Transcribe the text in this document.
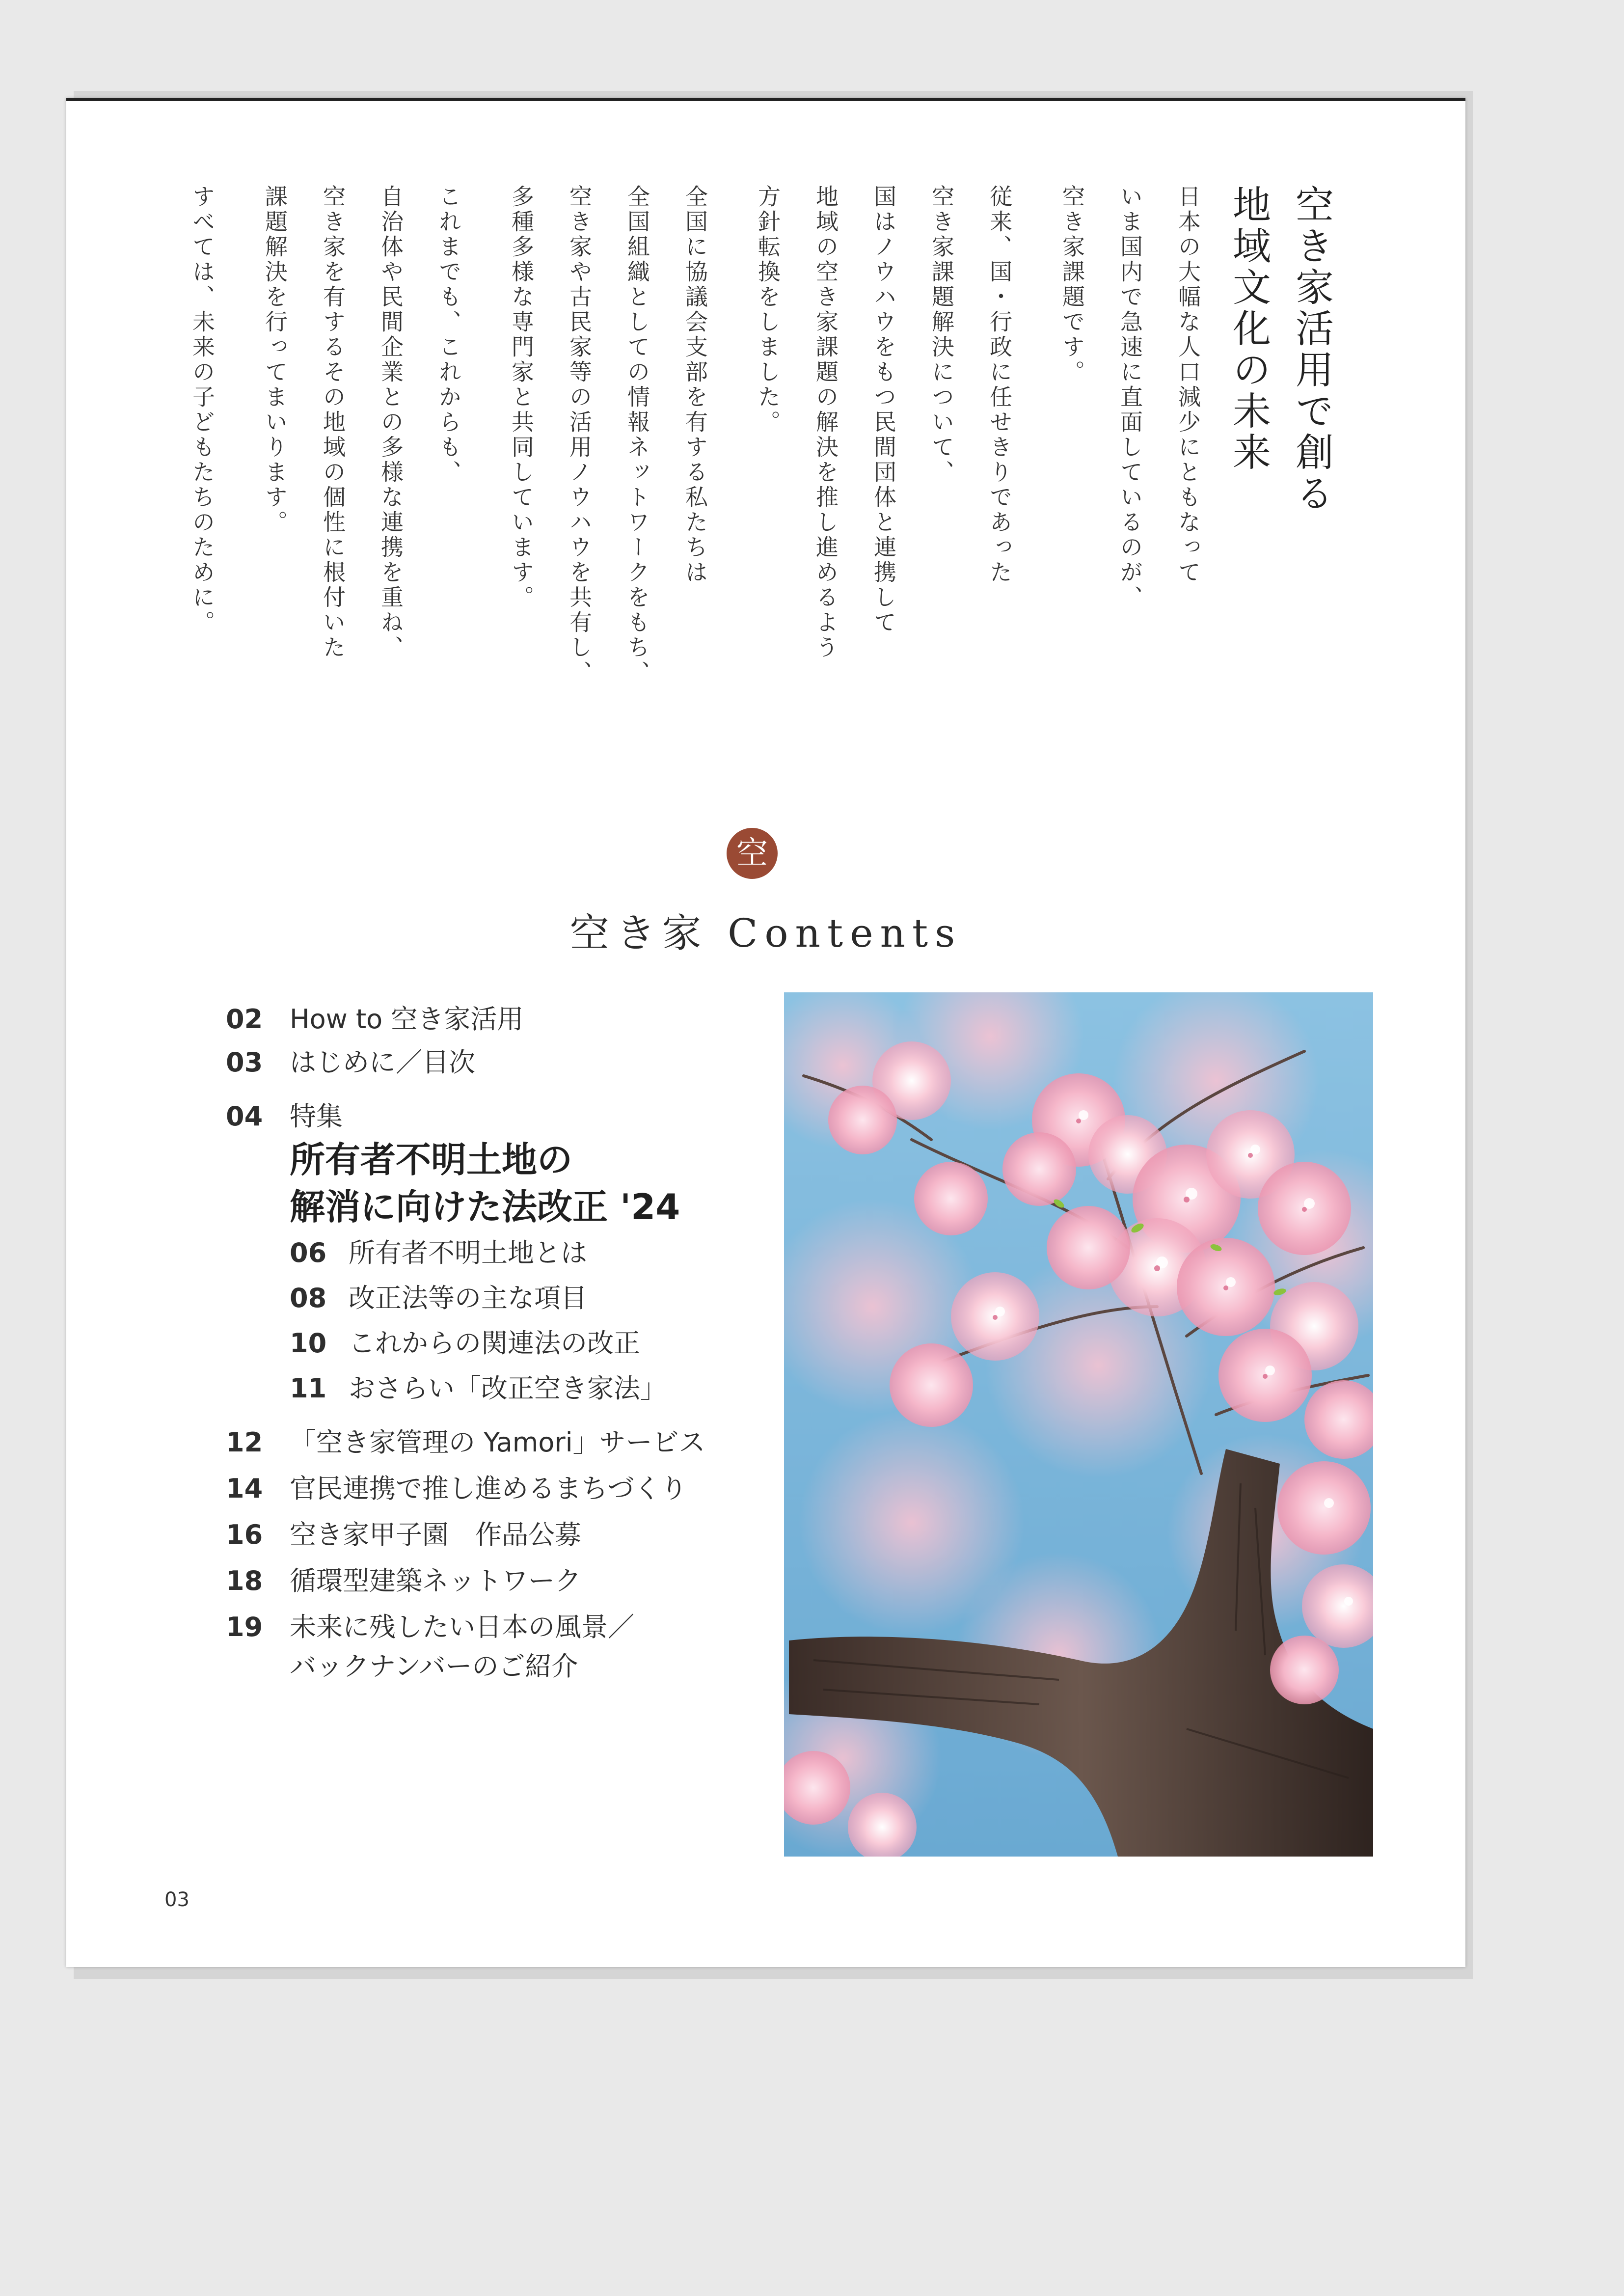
空き家活用で創る
地域文化の未来
日本の大幅な人口減少にともなって
いま国内で急速に直面しているのが、
空き家課題です。
従来、国・行政に任せきりであった
空き家課題解決について、
国はノウハウをもつ民間団体と連携して
地域の空き家課題の解決を推し進めるよう
方針転換をしました。
全国に協議会支部を有する私たちは
全国組織としての情報ネットワークをもち、
空き家や古民家等の活用ノウハウを共有し、
多種多様な専門家と共同しています。
これまでも、これからも、
自治体や民間企業との多様な連携を重ね、
空き家を有するその地域の個性に根付いた
課題解決を行ってまいります。
すべては、未来の子どもたちのために。
空
空き家 Contents
02 How to 空き家活用
03 はじめに／目次
04 特集
所有者不明土地の
解消に向けた法改正 '24
06 所有者不明土地とは
08 改正法等の主な項目
10 これからの関連法の改正
11 おさらい「改正空き家法」
12 「空き家管理の Yamori」サービス
14 官民連携で推し進めるまちづくり
16 空き家甲子園　作品公募
18 循環型建築ネットワーク
19 未来に残したい日本の風景／
バックナンバーのご紹介
03
